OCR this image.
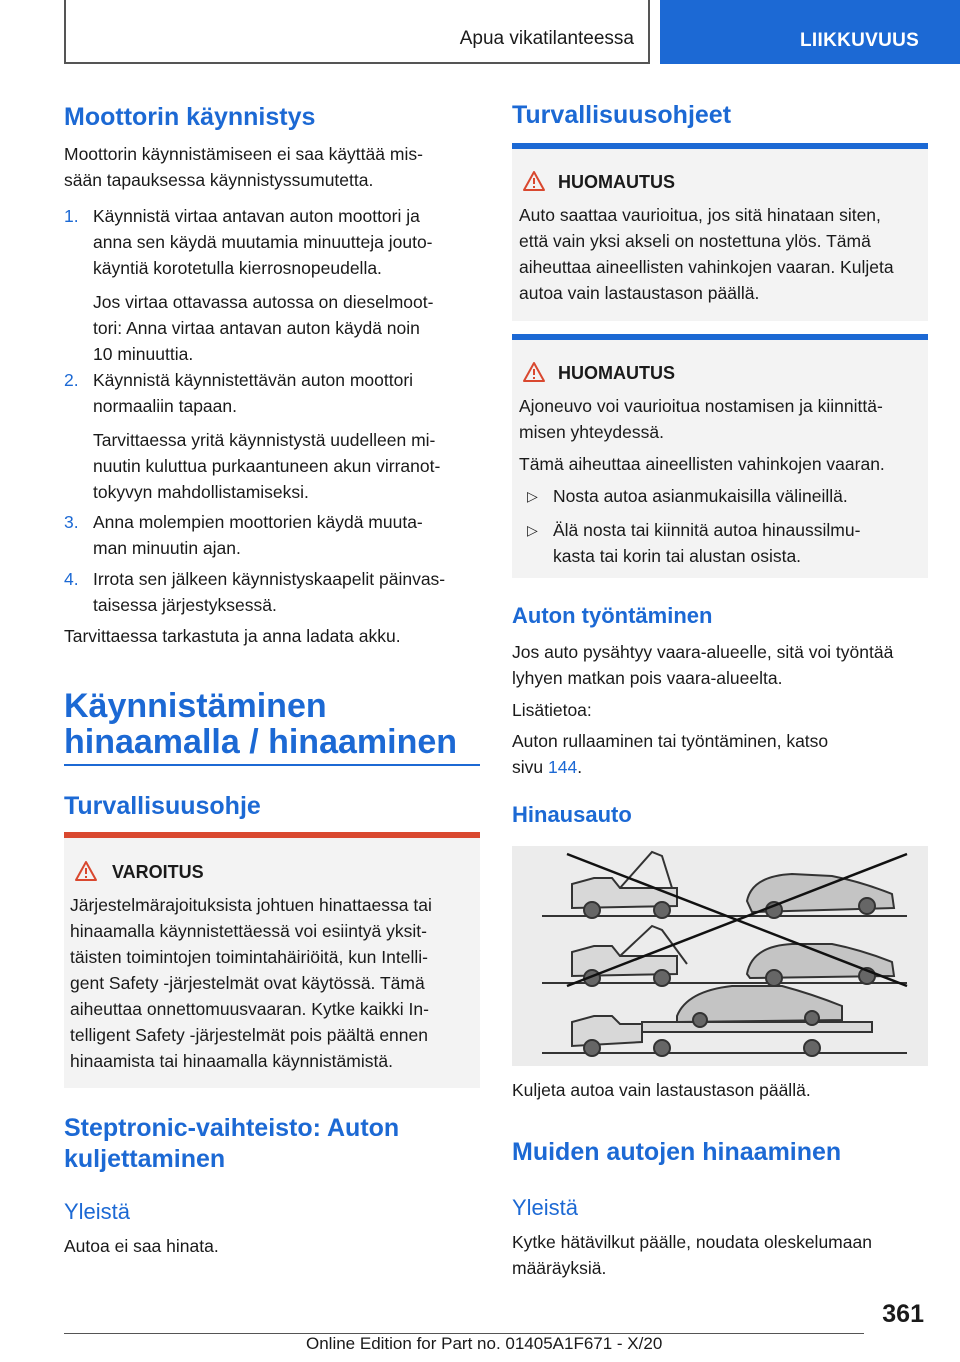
Apua vikatilanteessa	LIIKKUVUUS
Moottorin käynnistys
Moottorin käynnistämiseen ei saa käyttää mis-
sään tapauksessa käynnistyssumutetta.
1. Käynnistä virtaa antavan auton moottori ja
anna sen käydä muutamia minuutteja jouto-
käyntiä korotetulla kierrosnopeudella.
Jos virtaa ottavassa autossa on dieselmoot-
tori: Anna virtaa antavan auton käydä noin
10 minuuttia.
2. Käynnistä käynnistettävän auton moottori
normaaliin tapaan.
Tarvittaessa yritä käynnistystä uudelleen mi-
nuutin kuluttua purkaantuneen akun virranot-
tokyvyn mahdollistamiseksi.
3. Anna molempien moottorien käydä muuta-
man minuutin ajan.
4. Irrota sen jälkeen käynnistyskaapelit päinvas-
taisessa järjestyksessä.
Tarvittaessa tarkastuta ja anna ladata akku.
Käynnistäminen
hinaamalla / hinaaminen
Turvallisuusohje
VAROITUS
Järjestelmärajoituksista johtuen hinattaessa tai
hinaamalla käynnistettäessä voi esiintyä yksit-
täisten toimintojen toimintahäiriöitä, kun Intelli-
gent Safety -järjestelmät ovat käytössä. Tämä
aiheuttaa onnettomuusvaaran. Kytke kaikki In-
telligent Safety -järjestelmät pois päältä ennen
hinaamista tai hinaamalla käynnistämistä.
Steptronic-vaihteisto: Auton
kuljettaminen
Yleistä
Autoa ei saa hinata.
Turvallisuusohjeet
HUOMAUTUS
Auto saattaa vaurioitua, jos sitä hinataan siten,
että vain yksi akseli on nostettuna ylös. Tämä
aiheuttaa aineellisten vahinkojen vaaran. Kuljeta
autoa vain lastaustason päällä.
HUOMAUTUS
Ajoneuvo voi vaurioitua nostamisen ja kiinnittä-
misen yhteydessä.
Tämä aiheuttaa aineellisten vahinkojen vaaran.
▷ Nosta autoa asianmukaisilla välineillä.
▷ Älä nosta tai kiinnitä autoa hinaussilmu-
kasta tai korin tai alustan osista.
Auton työntäminen
Jos auto pysähtyy vaara-alueelle, sitä voi työntää
lyhyen matkan pois vaara-alueelta.
Lisätietoa:
Auton rullaaminen tai työntäminen, katso
sivu 144.
Hinausauto
Kuljeta autoa vain lastaustason päällä.
Muiden autojen hinaaminen
Yleistä
Kytke hätävilkut päälle, noudata oleskelumaan
määräyksiä.
361
Online Edition for Part no. 01405A1F671 - X/20
